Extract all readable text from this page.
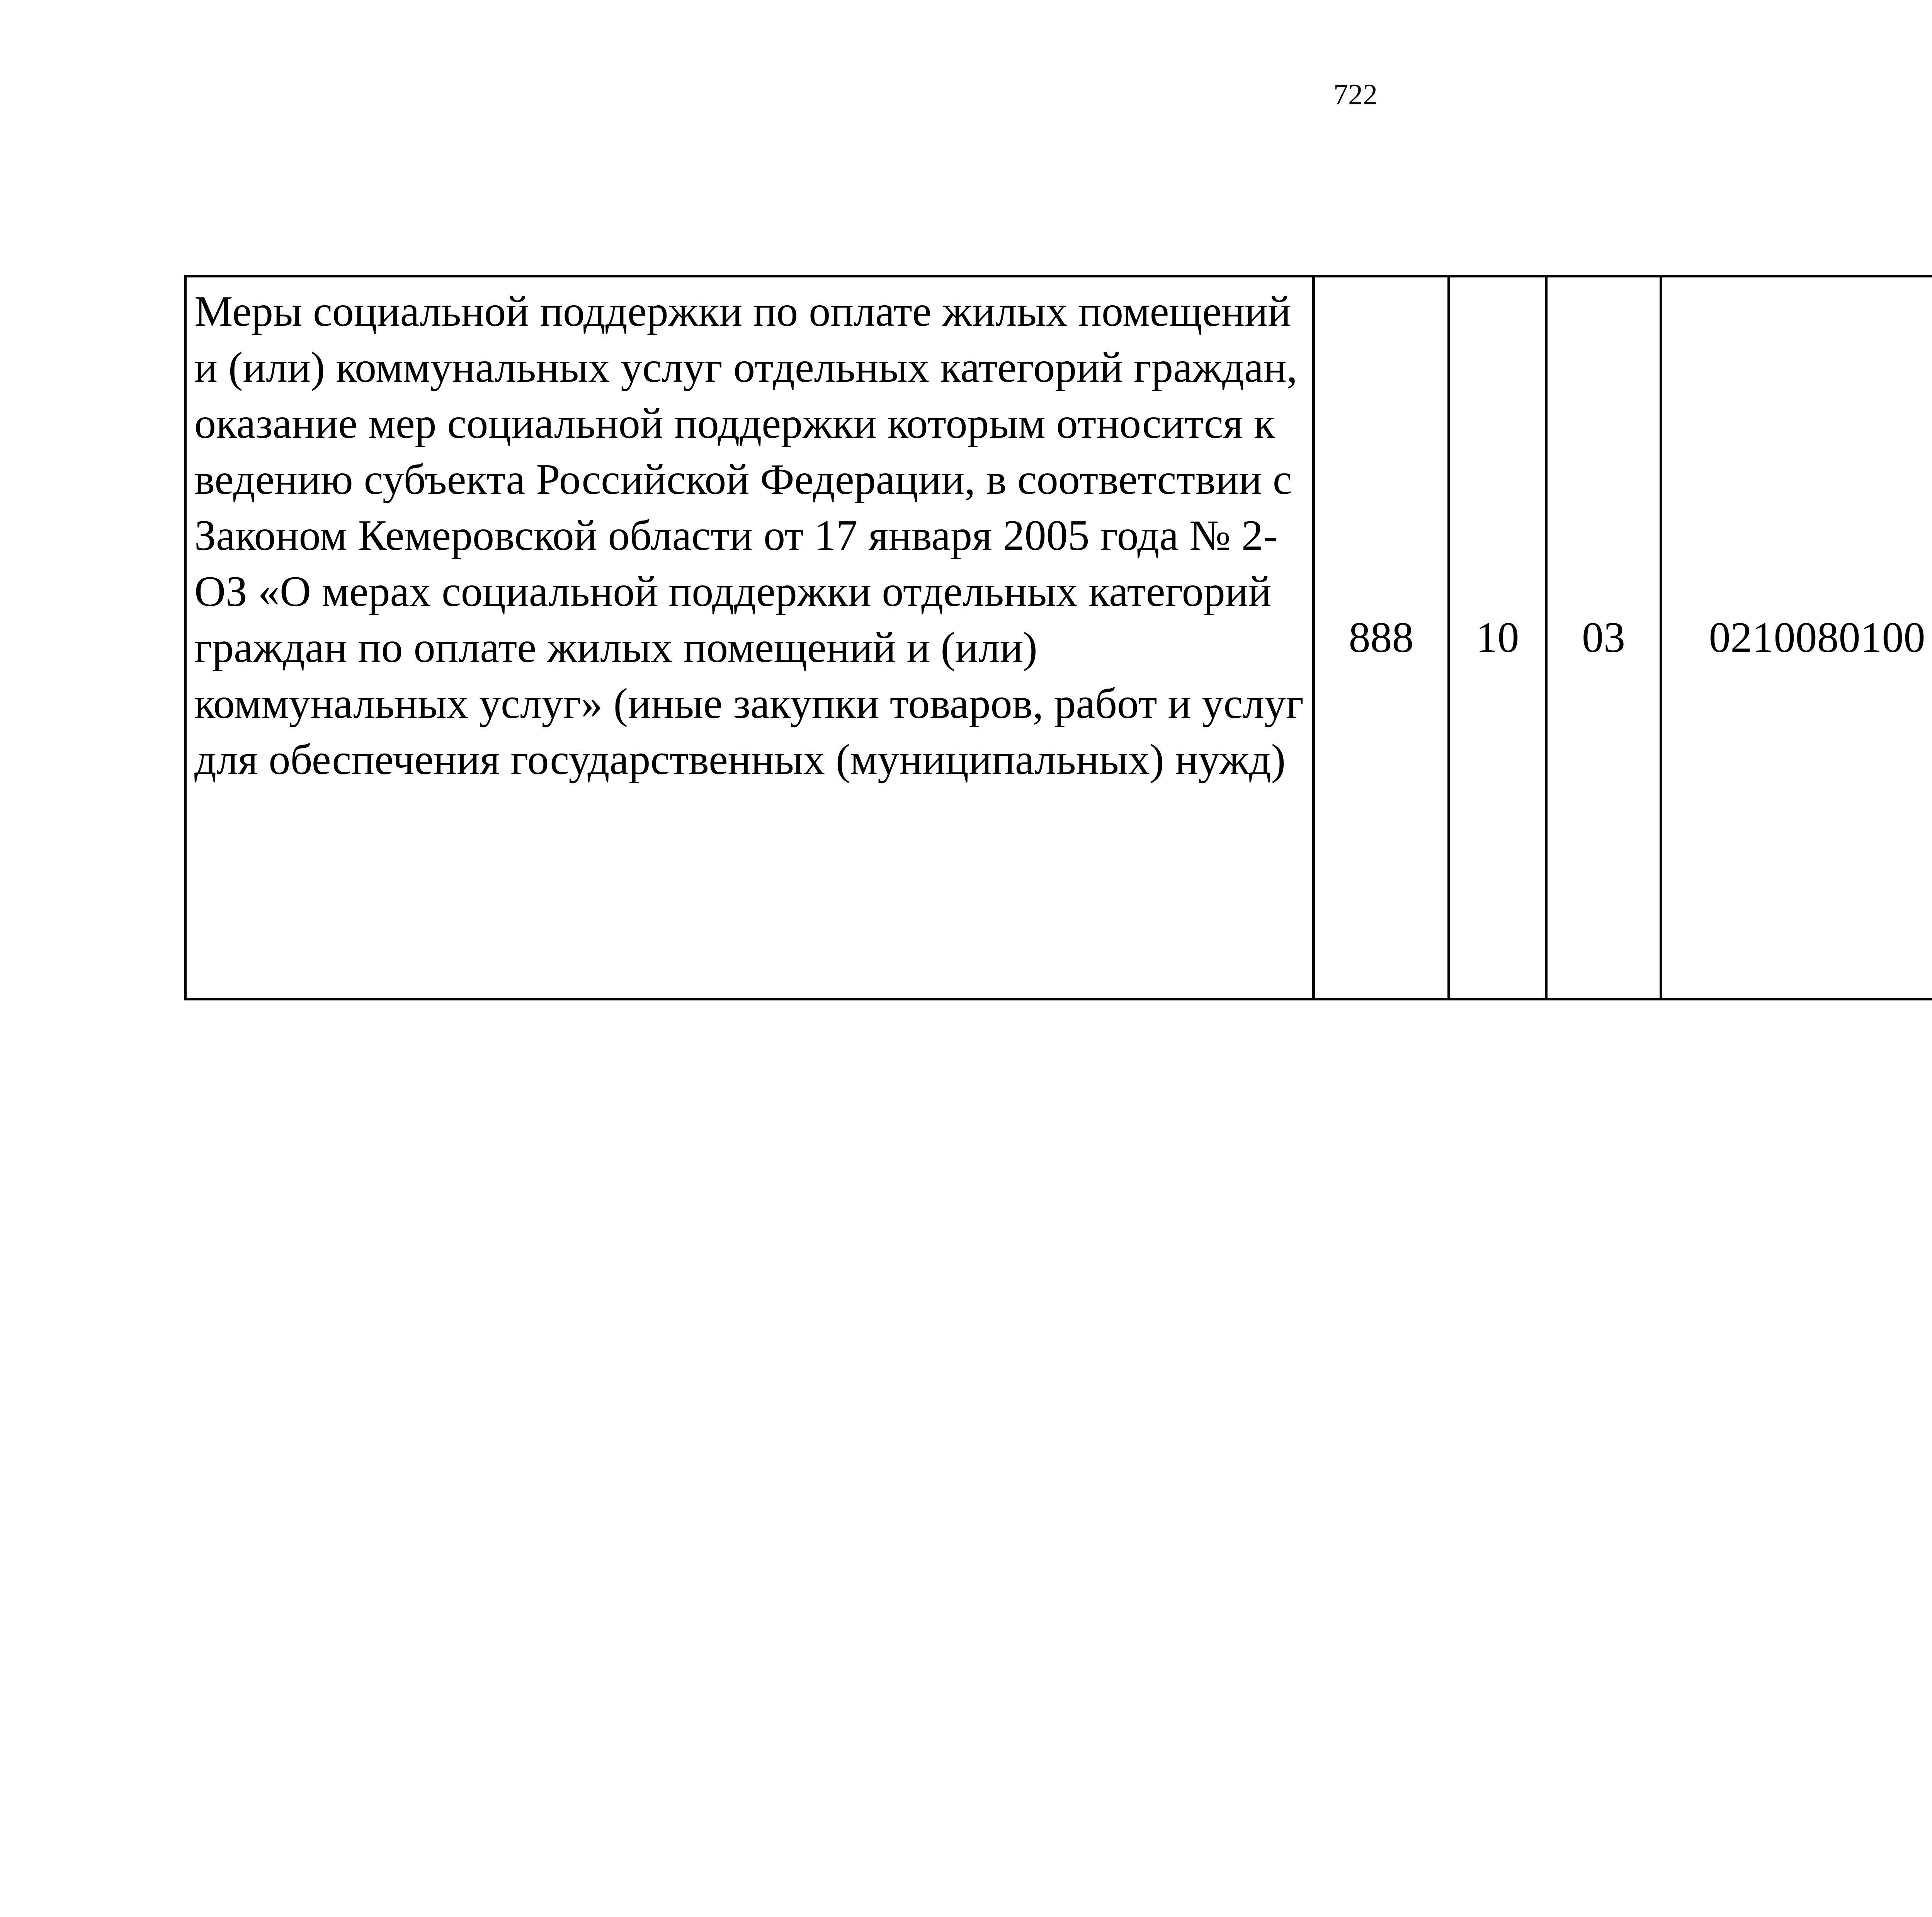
722
Меры социальной поддержки по оплате жилых помещений и (или) коммунальных услуг отдельных категорий граждан, оказание мер социальной поддержки которым относится к ведению субъекта Российской Федерации, в соответствии с Законом Кемеровской области от 17 января 2005 года № 2-ОЗ «О мерах социальной поддержки отдельных категорий граждан по оплате жилых помещений и (или) коммунальных услуг» (иные закупки товаров, работ и услуг для обеспечения государственных (муниципальных) нужд)	888	10	03	0210080100		
